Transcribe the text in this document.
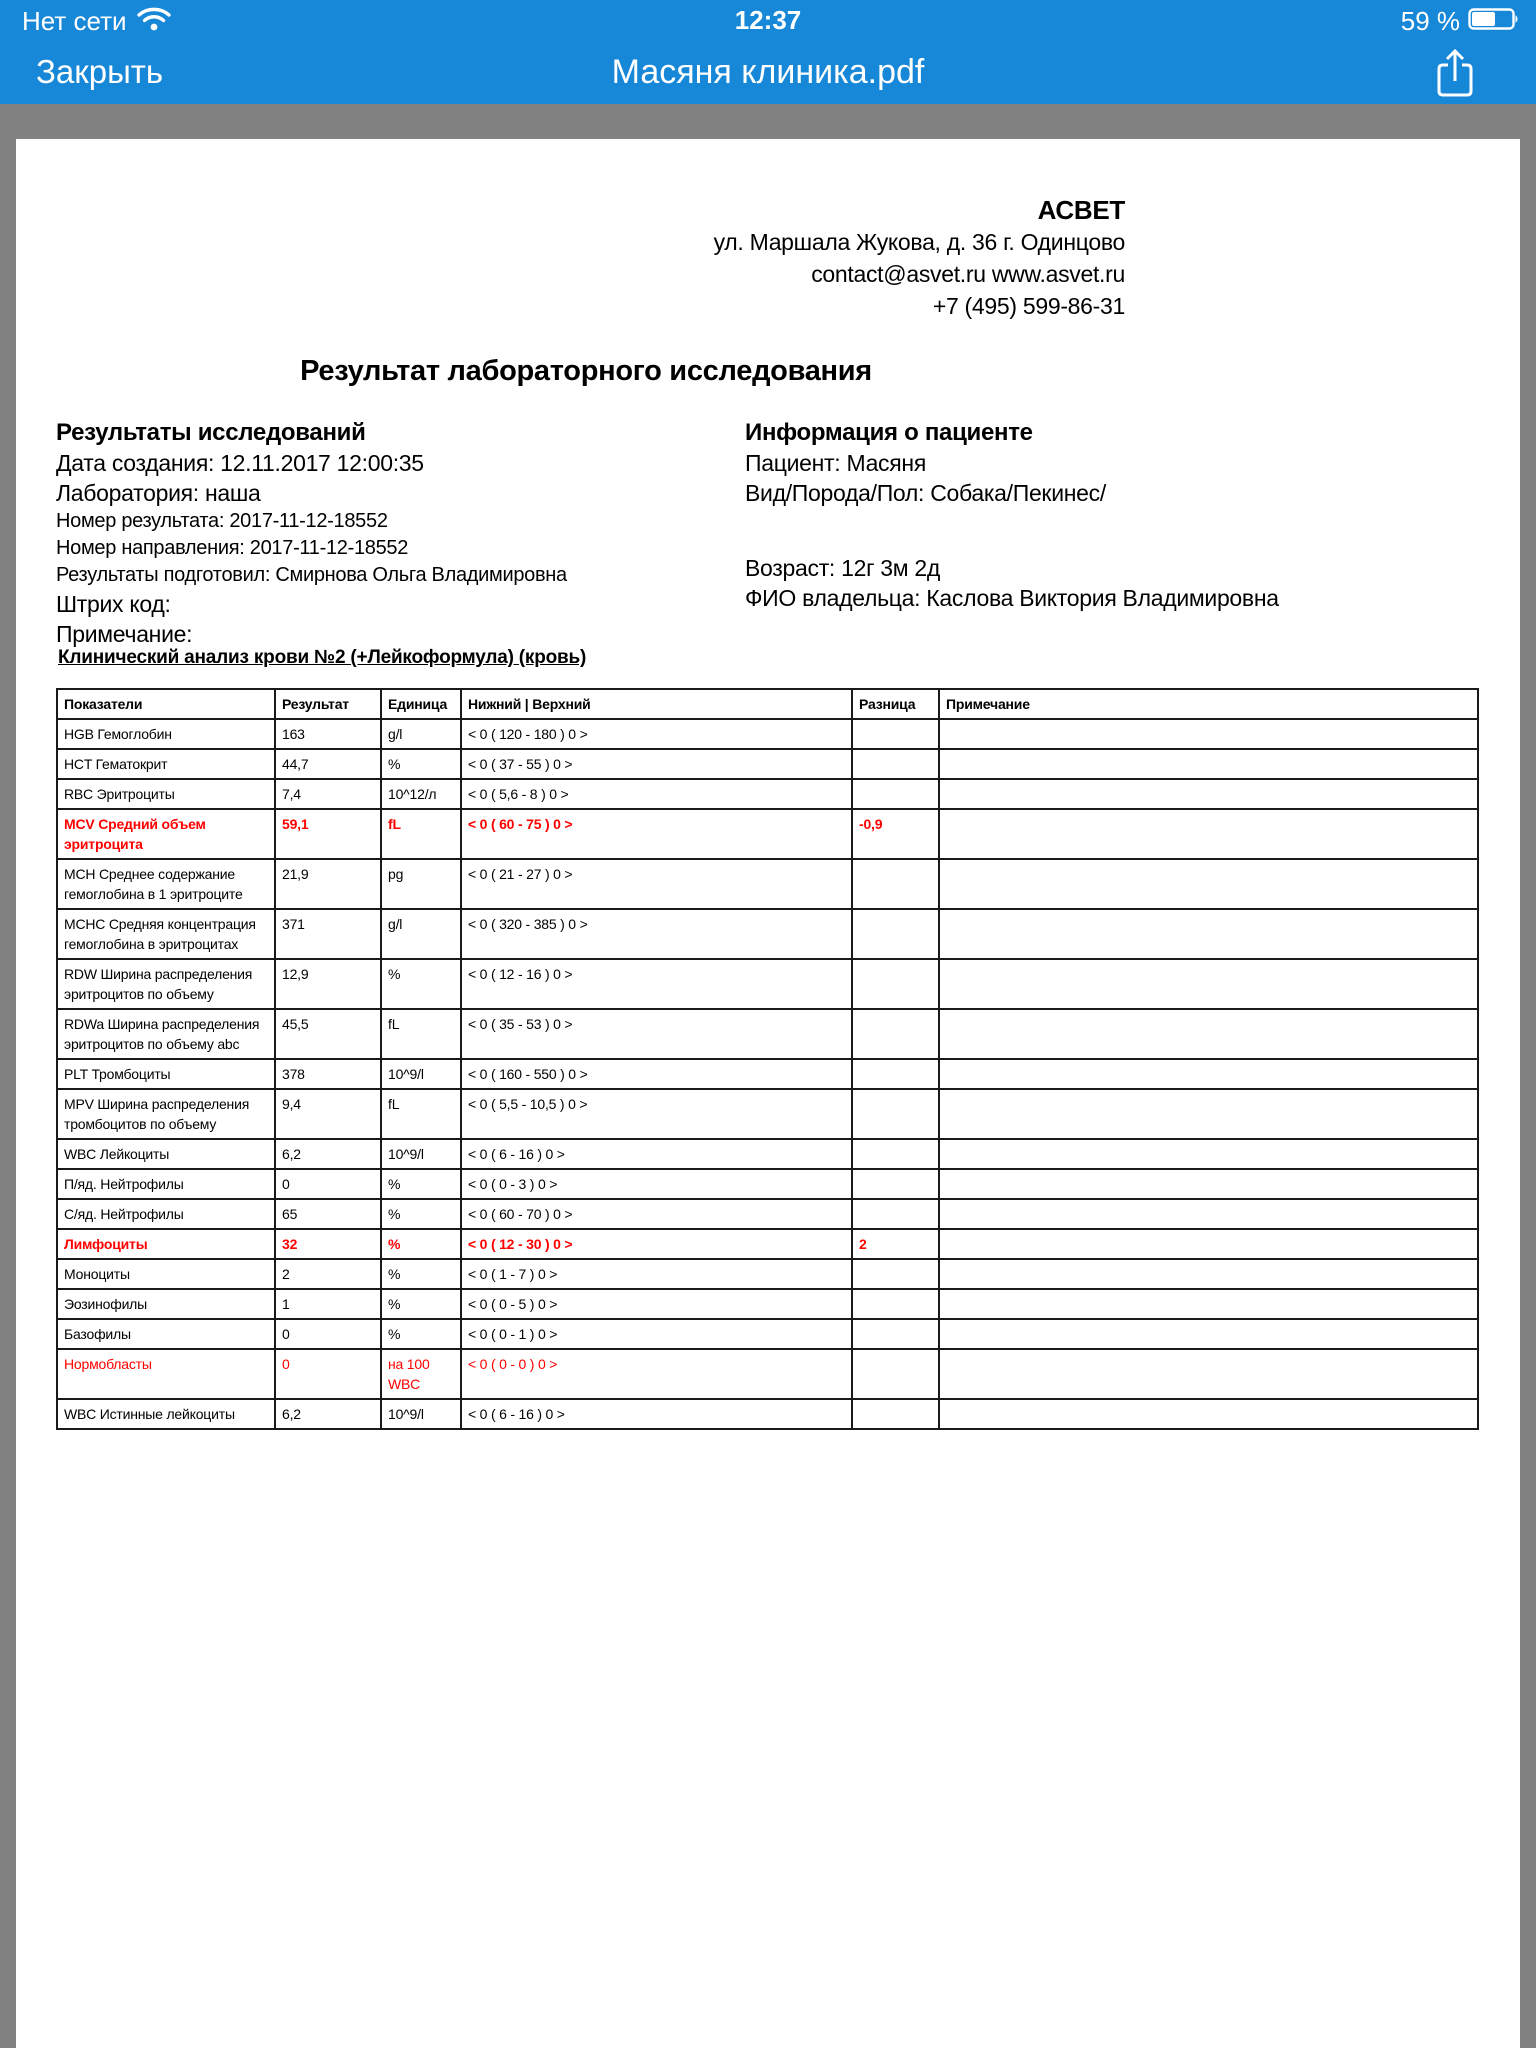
Нет сети	12:37	59 %
Закрыть	Масяня клиника.pdf
АСВЕТ
ул. Маршала Жукова, д. 36 г. Одинцово
contact@asvet.ru www.asvet.ru
+7 (495) 599-86-31
Результат лабораторного исследования
Результаты исследований
Дата создания: 12.11.2017 12:00:35
Лаборатория: наша
Номер результата: 2017-11-12-18552
Номер направления: 2017-11-12-18552
Результаты подготовил: Смирнова Ольга Владимировна
Штрих код:
Примечание:
Информация о пациенте
Пациент: Масяня
Вид/Порода/Пол: Собака/Пекинес/
Возраст: 12г 3м 2д
ФИО владельца: Каслова Виктория Владимировна
Клинический анализ крови №2 (+Лейкоформула) (кровь)
Показатели	Результат	Единица	Нижний | Верхний	Разница	Примечание
HGB Гемоглобин	163	g/l	< 0 ( 120 - 180 ) 0 >		
HCT Гематокрит	44,7	%	< 0 ( 37 - 55 ) 0 >		
RBC Эритроциты	7,4	10^12/л	< 0 ( 5,6 - 8 ) 0 >		
MCV Средний объем эритроцита	59,1	fL	< 0 ( 60 - 75 ) 0 >	-0,9	
MCH Среднее содержание гемоглобина в 1 эритроците	21,9	pg	< 0 ( 21 - 27 ) 0 >		
MCHC Средняя концентрация гемоглобина в эритроцитах	371	g/l	< 0 ( 320 - 385 ) 0 >		
RDW Ширина распределения эритроцитов по объему	12,9	%	< 0 ( 12 - 16 ) 0 >		
RDWa Ширина распределения эритроцитов по объему abc	45,5	fL	< 0 ( 35 - 53 ) 0 >		
PLT Тромбоциты	378	10^9/l	< 0 ( 160 - 550 ) 0 >		
MPV Ширина распределения тромбоцитов по объему	9,4	fL	< 0 ( 5,5 - 10,5 ) 0 >		
WBC Лейкоциты	6,2	10^9/l	< 0 ( 6 - 16 ) 0 >		
П/яд. Нейтрофилы	0	%	< 0 ( 0 - 3 ) 0 >		
С/яд. Нейтрофилы	65	%	< 0 ( 60 - 70 ) 0 >		
Лимфоциты	32	%	< 0 ( 12 - 30 ) 0 >	2	
Моноциты	2	%	< 0 ( 1 - 7 ) 0 >		
Эозинофилы	1	%	< 0 ( 0 - 5 ) 0 >		
Базофилы	0	%	< 0 ( 0 - 1 ) 0 >		
Нормобласты	0	на 100 WBC	< 0 ( 0 - 0 ) 0 >		
WBC Истинные лейкоциты	6,2	10^9/l	< 0 ( 6 - 16 ) 0 >		
